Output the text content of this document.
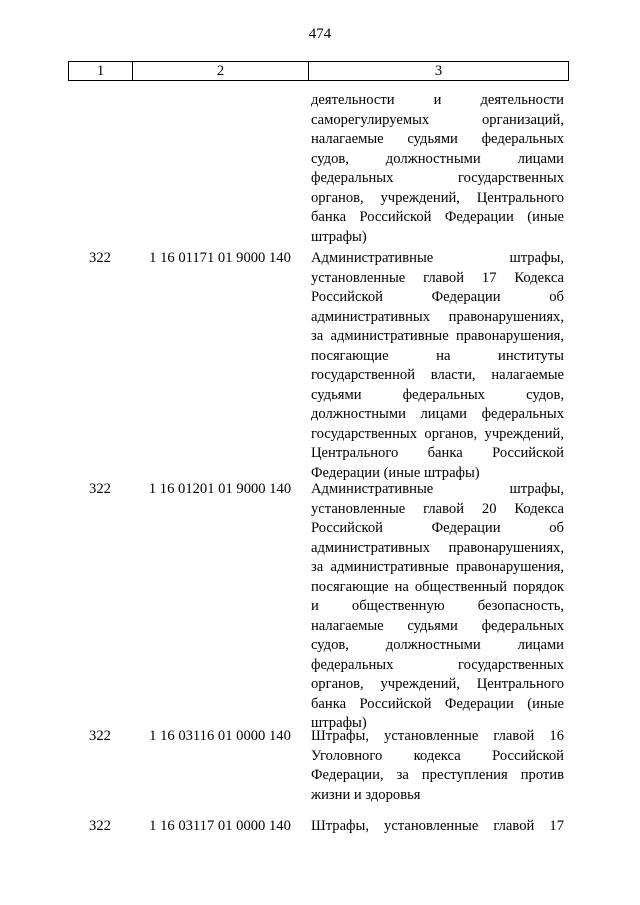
474
1	2	3
деятельности и деятельности
саморегулируемых организаций,
налагаемые судьями федеральных
судов, должностными лицами
федеральных государственных
органов, учреждений, Центрального
банка Российской Федерации (иные
штрафы)
322	1 16 01171 01 9000 140	Административные штрафы,
установленные главой 17 Кодекса
Российской Федерации об
административных правонарушениях,
за административные правонарушения,
посягающие на институты
государственной власти, налагаемые
судьями федеральных судов,
должностными лицами федеральных
государственных органов, учреждений,
Центрального банка Российской
Федерации (иные штрафы)
322	1 16 01201 01 9000 140	Административные штрафы,
установленные главой 20 Кодекса
Российской Федерации об
административных правонарушениях,
за административные правонарушения,
посягающие на общественный порядок
и общественную безопасность,
налагаемые судьями федеральных
судов, должностными лицами
федеральных государственных
органов, учреждений, Центрального
банка Российской Федерации (иные
штрафы)
322	1 16 03116 01 0000 140	Штрафы, установленные главой 16
Уголовного кодекса Российской
Федерации, за преступления против
жизни и здоровья
322	1 16 03117 01 0000 140	Штрафы, установленные главой 17
